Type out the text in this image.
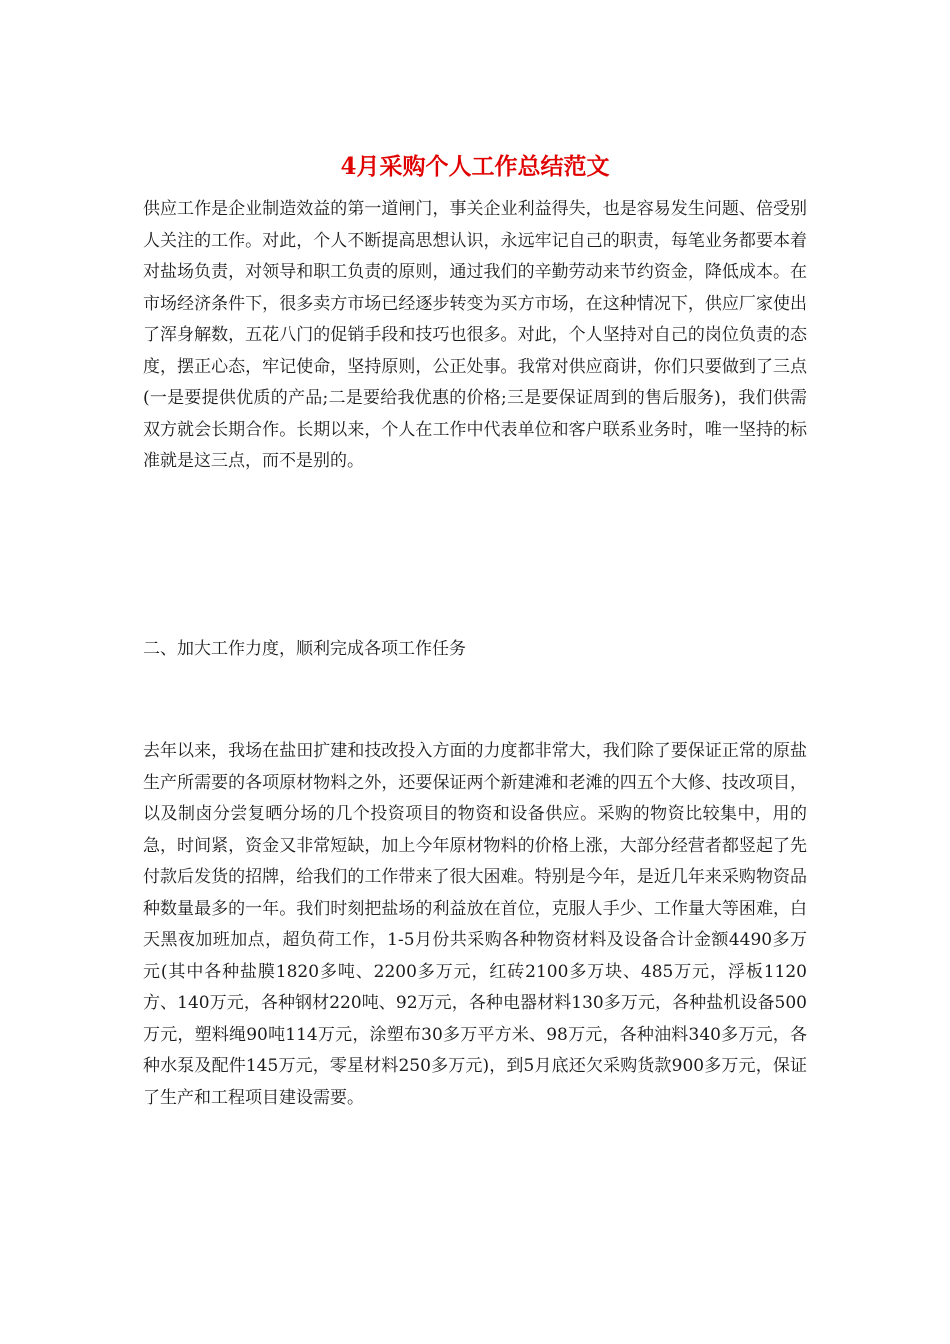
4月采购个人工作总结范文

供应工作是企业制造效益的第一道闸门，事关企业利益得失，也是容易发生问题、倍受别人关注的工作。对此，个人不断提高思想认识，永远牢记自己的职责，每笔业务都要本着对盐场负责，对领导和职工负责的原则，通过我们的辛勤劳动来节约资金，降低成本。在市场经济条件下，很多卖方市场已经逐步转变为买方市场，在这种情况下，供应厂家使出了浑身解数，五花八门的促销手段和技巧也很多。对此，个人坚持对自己的岗位负责的态度，摆正心态，牢记使命，坚持原则，公正处事。我常对供应商讲，你们只要做到了三点(一是要提供优质的产品;二是要给我优惠的价格;三是要保证周到的售后服务)，我们供需双方就会长期合作。长期以来，个人在工作中代表单位和客户联系业务时，唯一坚持的标准就是这三点，而不是别的。

二、加大工作力度，顺利完成各项工作任务

去年以来，我场在盐田扩建和技改投入方面的力度都非常大，我们除了要保证正常的原盐生产所需要的各项原材物料之外，还要保证两个新建滩和老滩的四五个大修、技改项目，以及制卤分尝复晒分场的几个投资项目的物资和设备供应。采购的物资比较集中，用的急，时间紧，资金又非常短缺，加上今年原材物料的价格上涨，大部分经营者都竖起了先付款后发货的招牌，给我们的工作带来了很大困难。特别是今年，是近几年来采购物资品种数量最多的一年。我们时刻把盐场的利益放在首位，克服人手少、工作量大等困难，白天黑夜加班加点，超负荷工作，1-5月份共采购各种物资材料及设备合计金额4490多万元(其中各种盐膜1820多吨、2200多万元，红砖2100多万块、485万元，浮板1120方、140万元，各种钢材220吨、92万元，各种电器材料130多万元，各种盐机设备500万元，塑料绳90吨114万元，涂塑布30多万平方米、98万元，各种油料340多万元，各种水泵及配件145万元，零星材料250多万元)，到5月底还欠采购货款900多万元，保证了生产和工程项目建设需要。
